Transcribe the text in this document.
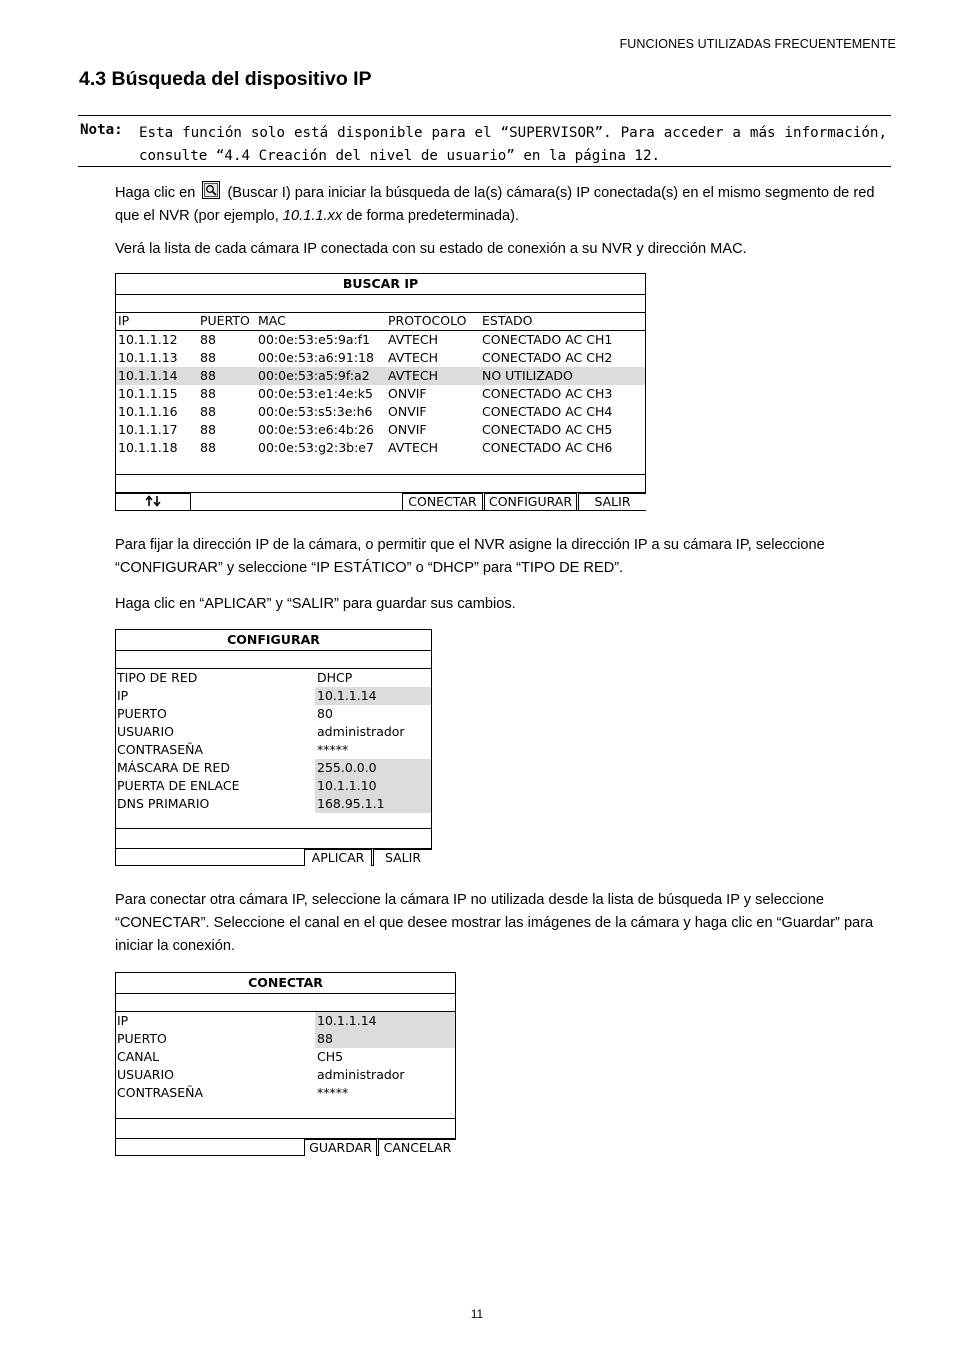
FUNCIONES UTILIZADAS FRECUENTEMENTE
4.3 Búsqueda del dispositivo IP
Nota: Esta función solo está disponible para el “SUPERVISOR”. Para acceder a más información, consulte “4.4 Creación del nivel de usuario” en la página 12.
Haga clic en (Buscar I) para iniciar la búsqueda de la(s) cámara(s) IP conectada(s) en el mismo segmento de red que el NVR (por ejemplo, 10.1.1.xx de forma predeterminada).
Verá la lista de cada cámara IP conectada con su estado de conexión a su NVR y dirección MAC.
BUSCAR IP
IP	PUERTO MAC	PROTOCOLO ESTADO
10.1.1.12 88	00:0e:53:e5:9a:f1 AVTECH	CONECTADO AC CH1
10.1.1.13 88	00:0e:53:a6:91:18 AVTECH	CONECTADO AC CH2
10.1.1.14 88	00:0e:53:a5:9f:a2 AVTECH	NO UTILIZADO
10.1.1.15 88	00:0e:53:e1:4e:k5 ONVIF	CONECTADO AC CH3
10.1.1.16 88	00:0e:53:s5:3e:h6 ONVIF	CONECTADO AC CH4
10.1.1.17 88	00:0e:53:e6:4b:26 ONVIF	CONECTADO AC CH5
10.1.1.18 88	00:0e:53:g2:3b:e7 AVTECH	CONECTADO AC CH6
CONECTAR CONFIGURAR	SALIR
Para fijar la dirección IP de la cámara, o permitir que el NVR asigne la dirección IP a su cámara IP, seleccione “CONFIGURAR” y seleccione “IP ESTÁTICO” o “DHCP” para “TIPO DE RED”.
Haga clic en “APLICAR” y “SALIR” para guardar sus cambios.
CONFIGURAR
TIPO DE RED	DHCP
IP	10.1.1.14
PUERTO	80
USUARIO	administrador
CONTRASEÑA	*****
MÁSCARA DE RED	255.0.0.0
PUERTA DE ENLACE	10.1.1.10
DNS PRIMARIO	168.95.1.1
APLICAR	SALIR
Para conectar otra cámara IP, seleccione la cámara IP no utilizada desde la lista de búsqueda IP y seleccione “CONECTAR”. Seleccione el canal en el que desee mostrar las imágenes de la cámara y haga clic en “Guardar” para iniciar la conexión.
CONECTAR
IP	10.1.1.14
PUERTO	88
CANAL	CH5
USUARIO	administrador
CONTRASEÑA	*****
GUARDAR CANCELAR
11
